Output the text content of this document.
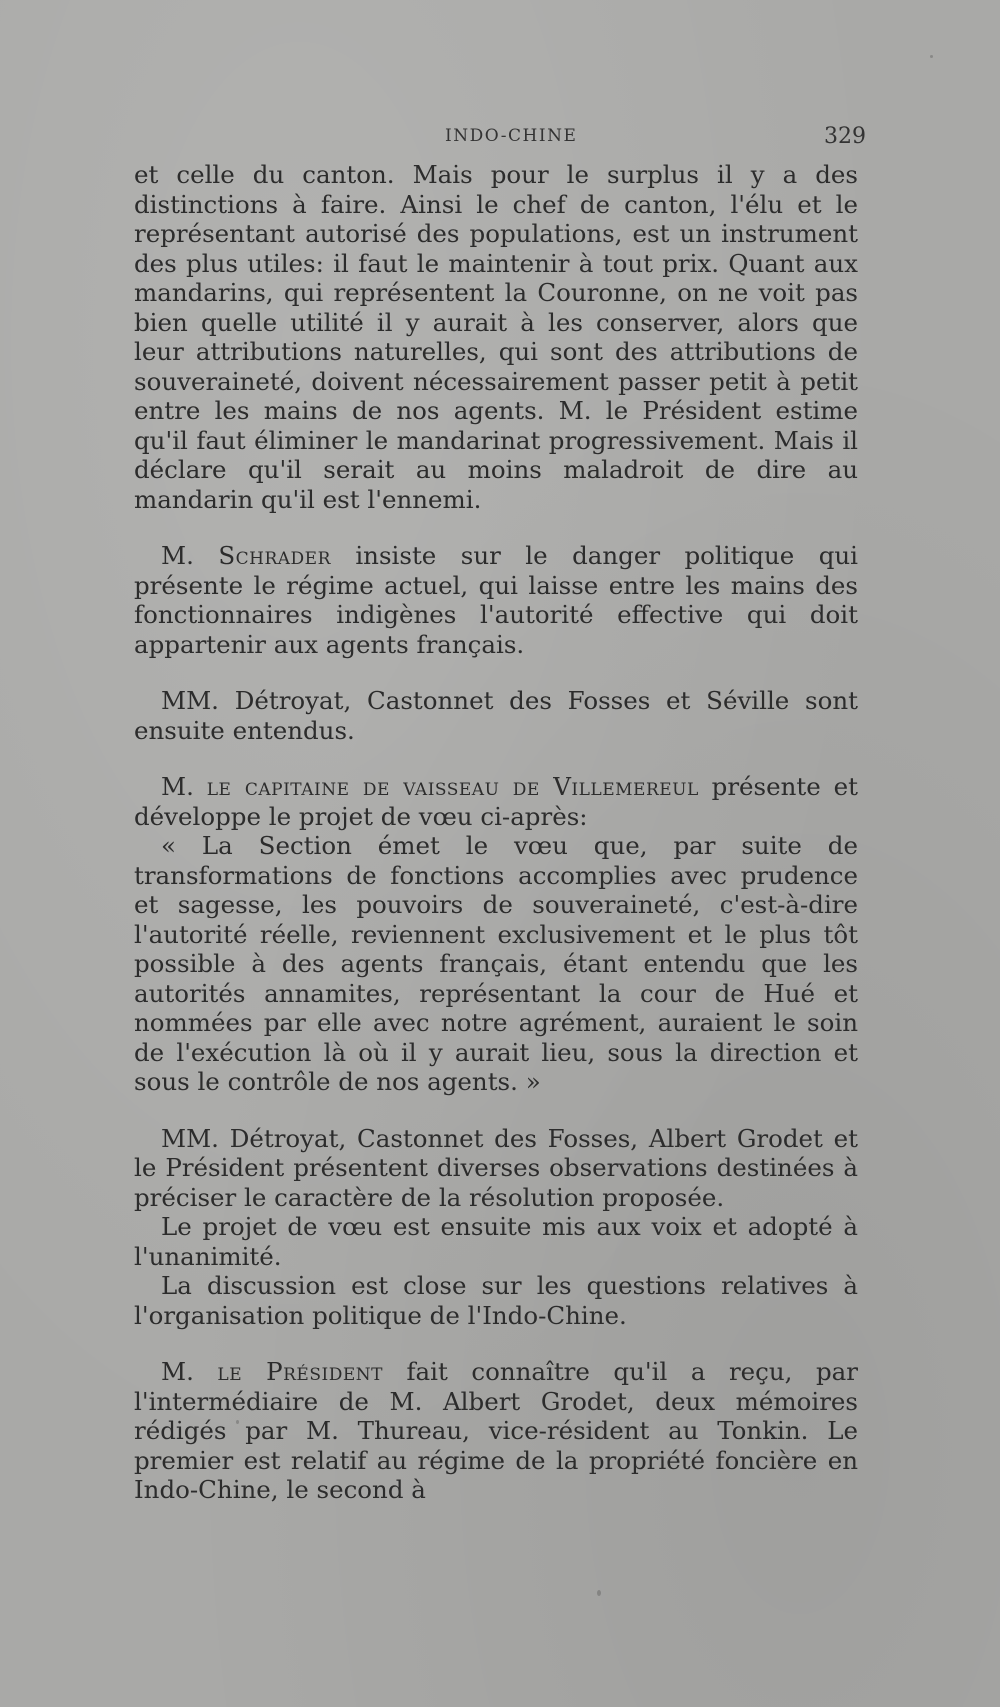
INDO-CHINE	329

et celle du canton. Mais pour le surplus il y a des distinctions à faire. Ainsi le chef de canton, l'élu et le représentant autorisé des populations, est un instrument des plus utiles: il faut le maintenir à tout prix. Quant aux mandarins, qui représentent la Couronne, on ne voit pas bien quelle utilité il y aurait à les conserver, alors que leur attributions naturelles, qui sont des attributions de souveraineté, doivent nécessairement passer petit à petit entre les mains de nos agents. M. le Président estime qu'il faut éliminer le mandarinat progressivement. Mais il déclare qu'il serait au moins maladroit de dire au mandarin qu'il est l'ennemi.

M. Schrader insiste sur le danger politique qui présente le régime actuel, qui laisse entre les mains des fonctionnaires indigènes l'autorité effective qui doit appartenir aux agents français.

MM. Détroyat, Castonnet des Fosses et Séville sont ensuite entendus.

M. le capitaine de vaisseau de Villemereul présente et développe le projet de vœu ci-après:

« La Section émet le vœu que, par suite de transformations de fonctions accomplies avec prudence et sagesse, les pouvoirs de souveraineté, c'est-à-dire l'autorité réelle, reviennent exclusivement et le plus tôt possible à des agents français, étant entendu que les autorités annamites, représentant la cour de Hué et nommées par elle avec notre agrément, auraient le soin de l'exécution là où il y aurait lieu, sous la direction et sous le contrôle de nos agents. »

MM. Détroyat, Castonnet des Fosses, Albert Grodet et le Président présentent diverses observations destinées à préciser le caractère de la résolution proposée.

Le projet de vœu est ensuite mis aux voix et adopté à l'unanimité.

La discussion est close sur les questions relatives à l'organisation politique de l'Indo-Chine.

M. le Président fait connaître qu'il a reçu, par l'intermédiaire de M. Albert Grodet, deux mémoires rédigés par M. Thureau, vice-résident au Tonkin. Le premier est relatif au régime de la propriété foncière en Indo-Chine, le second à
